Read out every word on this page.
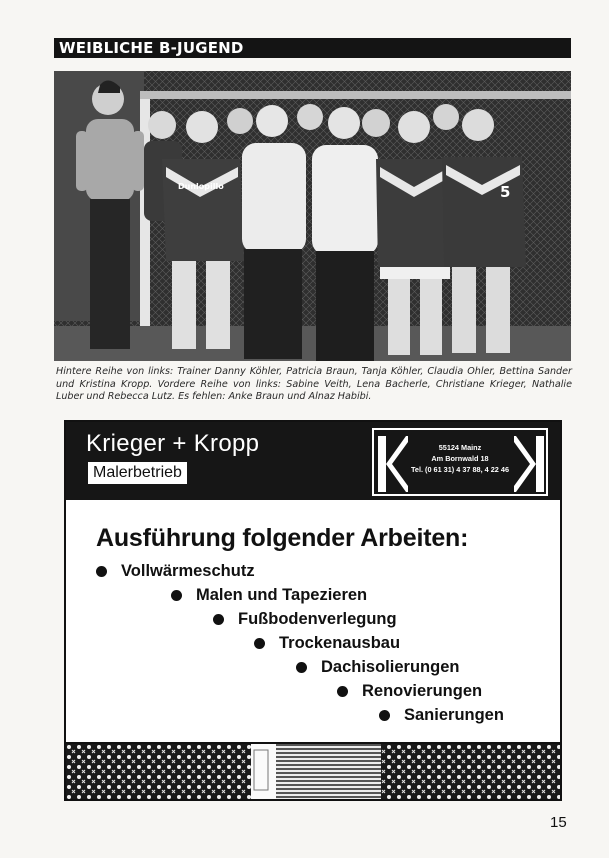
WEIBLICHE B-JUGEND
Dunlopillo	5
Hintere Reihe von links: Trainer Danny Köhler, Patricia Braun, Tanja Köhler, Claudia Ohler, Bettina Sander und Kristina Kropp. Vordere Reihe von links: Sabine Veith, Lena Bacherle, Christiane Krieger, Nathalie Luber und Rebecca Lutz. Es fehlen: Anke Braun und Alnaz Habibi.
Krieger + Kropp
Malerbetrieb
55124 Mainz
Am Bornwald 18
Tel. (0 61 31) 4 37 88, 4 22 46
Ausführung folgender Arbeiten:
Vollwärmeschutz
Malen und Tapezieren
Fußbodenverlegung
Trockenausbau
Dachisolierungen
Renovierungen
Sanierungen
15
